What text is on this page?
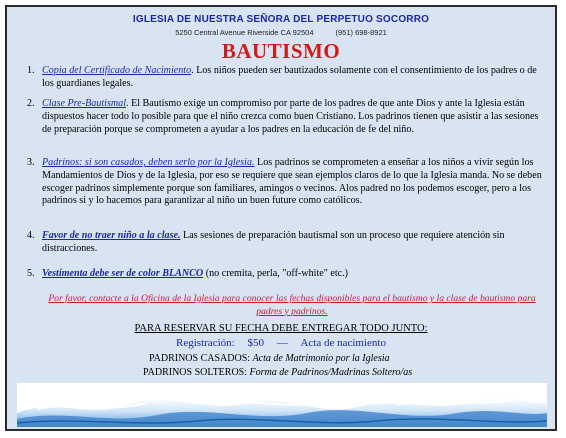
IGLESIA DE NUESTRA SEÑORA DEL PERPETUO SOCORRO
5250 Central Avenue Riverside CA 92504	(951) 698-8921
BAUTISMO
1. Copia del Certificado de Nacimiento. Los niños pueden ser bautizados solamente con el consentimiento de los padres o de los guardianes legales.
2. Clase Pre-Bautismal. El Bautismo exige un compromiso por parte de los padres de que ante Dios y ante la Iglesia están dispuestos hacer todo lo posible para que el niño crezca como buen Cristiano. Los padrinos tienen que asistir a las sesiones de preparación porque se comprometen a ayudar a los padres en la educación de fe del niño.
3. Padrinos: si son casados, deben serlo por la Iglesia. Los padrinos se comprometen a enseñar a los niños a vivir según los Mandamientos de Dios y de la Iglesia, por eso se requiere que sean ejemplos claros de lo que la Iglesia manda. No se deben escoger padrinos simplemente porque son familiares, amingos o vecinos. Alos padred no los podemos escoger, pero a los padrinos si y lo hacemos para garantizar al niño un buen future como católicos.
4. Favor de no traer niño a la clase. Las sesiones de preparación bautismal son un proceso que requiere atención sin distracciones.
5. Vestimenta debe ser de color BLANCO (no cremita, perla, "off-white" etc.)
Por favor, contacte a la Oficina de la Iglesia para conocer las fechas disponibles para el bautismo y la clase de bautismo para padres y padrinos.
PARA RESERVAR SU FECHA DEBE ENTREGAR TODO JUNTO:
Registración: $50 — Acta de nacimiento
PADRINOS CASADOS: Acta de Matrimonio por la Iglesia
PADRINOS SOLTEROS: Forma de Padrinos/Madrinas Soltero/as
